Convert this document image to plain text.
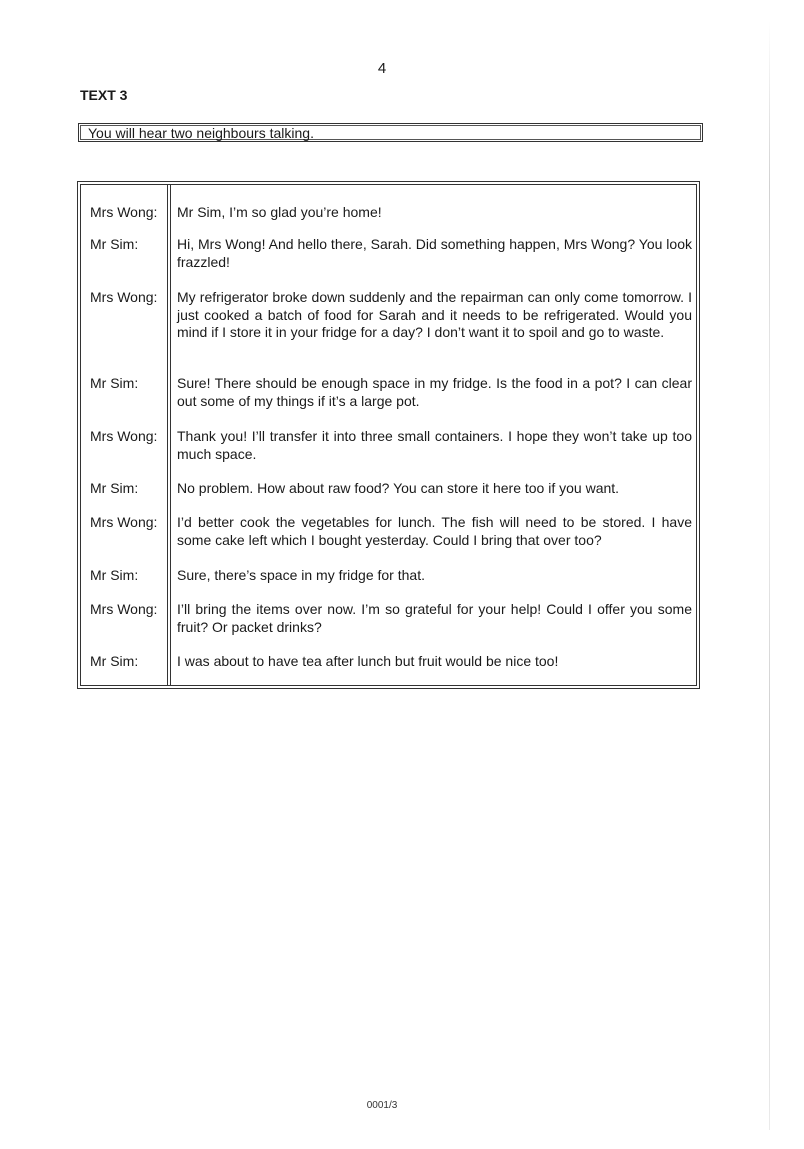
4
TEXT 3
You will hear two neighbours talking.
Mrs Wong:	Mr Sim, I’m so glad you’re home!
Mr Sim:	Hi, Mrs Wong! And hello there, Sarah. Did something happen, Mrs Wong? You look frazzled!
Mrs Wong:	My refrigerator broke down suddenly and the repairman can only come tomorrow. I just cooked a batch of food for Sarah and it needs to be refrigerated. Would you mind if I store it in your fridge for a day? I don’t want it to spoil and go to waste.
Mr Sim:	Sure! There should be enough space in my fridge. Is the food in a pot? I can clear out some of my things if it’s a large pot.
Mrs Wong:	Thank you! I’ll transfer it into three small containers. I hope they won’t take up too much space.
Mr Sim:	No problem. How about raw food? You can store it here too if you want.
Mrs Wong:	I’d better cook the vegetables for lunch. The fish will need to be stored. I have some cake left which I bought yesterday. Could I bring that over too?
Mr Sim:	Sure, there’s space in my fridge for that.
Mrs Wong:	I’ll bring the items over now. I’m so grateful for your help! Could I offer you some fruit? Or packet drinks?
Mr Sim:	I was about to have tea after lunch but fruit would be nice too!
0001/3
